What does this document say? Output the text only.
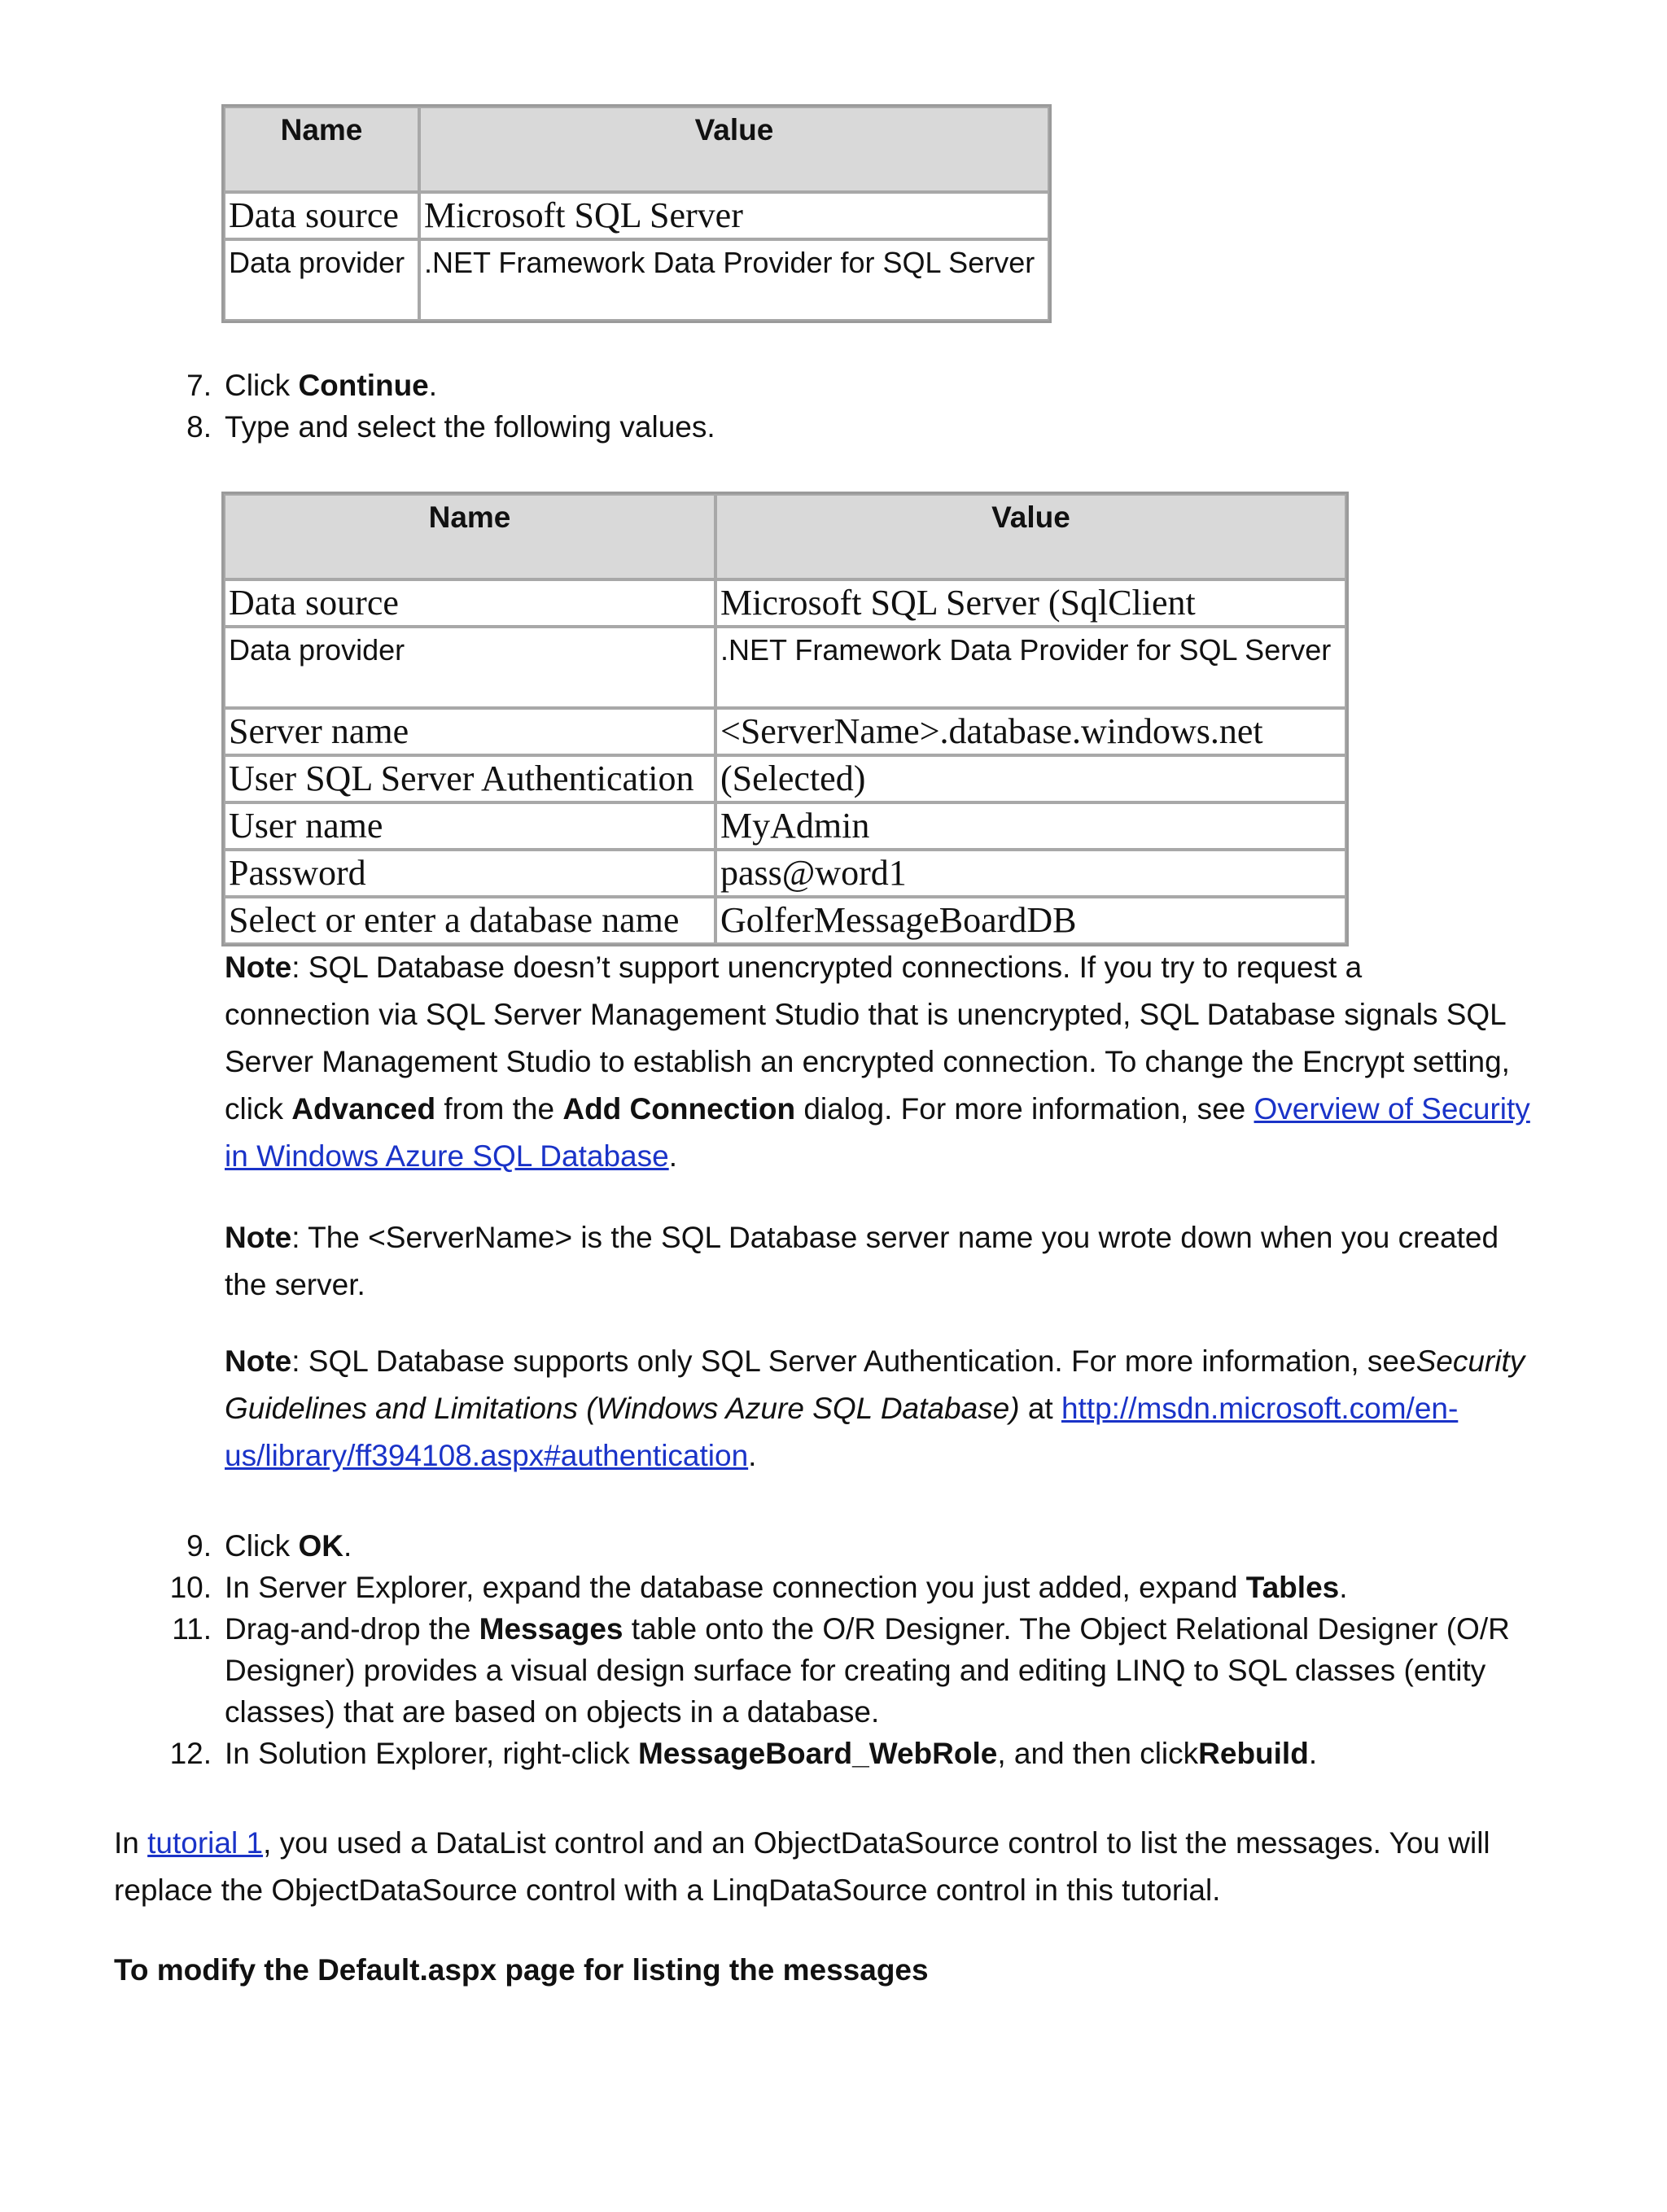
Name	Value
Data source	Microsoft SQL Server
Data provider	.NET Framework Data Provider for SQL Server
7. Click Continue.
8. Type and select the following values.
Name	Value
Data source	Microsoft SQL Server (SqlClient
Data provider	.NET Framework Data Provider for SQL Server
Server name	<ServerName>.database.windows.net
User SQL Server Authentication	(Selected)
User name	MyAdmin
Password	pass@word1
Select or enter a database name	GolferMessageBoardDB
Note: SQL Database doesn’t support unencrypted connections. If you try to request a
connection via SQL Server Management Studio that is unencrypted, SQL Database signals SQL
Server Management Studio to establish an encrypted connection. To change the Encrypt setting,
click Advanced from the Add Connection dialog. For more information, see Overview of Security
in Windows Azure SQL Database.
Note: The <ServerName> is the SQL Database server name you wrote down when you created
the server.
Note: SQL Database supports only SQL Server Authentication. For more information, seeSecurity
Guidelines and Limitations (Windows Azure SQL Database) at http://msdn.microsoft.com/en-
us/library/ff394108.aspx#authentication.
9. Click OK.
10. In Server Explorer, expand the database connection you just added, expand Tables.
11. Drag-and-drop the Messages table onto the O/R Designer. The Object Relational Designer (O/R
Designer) provides a visual design surface for creating and editing LINQ to SQL classes (entity
classes) that are based on objects in a database.
12. In Solution Explorer, right-click MessageBoard_WebRole, and then clickRebuild.
In tutorial 1, you used a DataList control and an ObjectDataSource control to list the messages. You will
replace the ObjectDataSource control with a LinqDataSource control in this tutorial.
To modify the Default.aspx page for listing the messages
